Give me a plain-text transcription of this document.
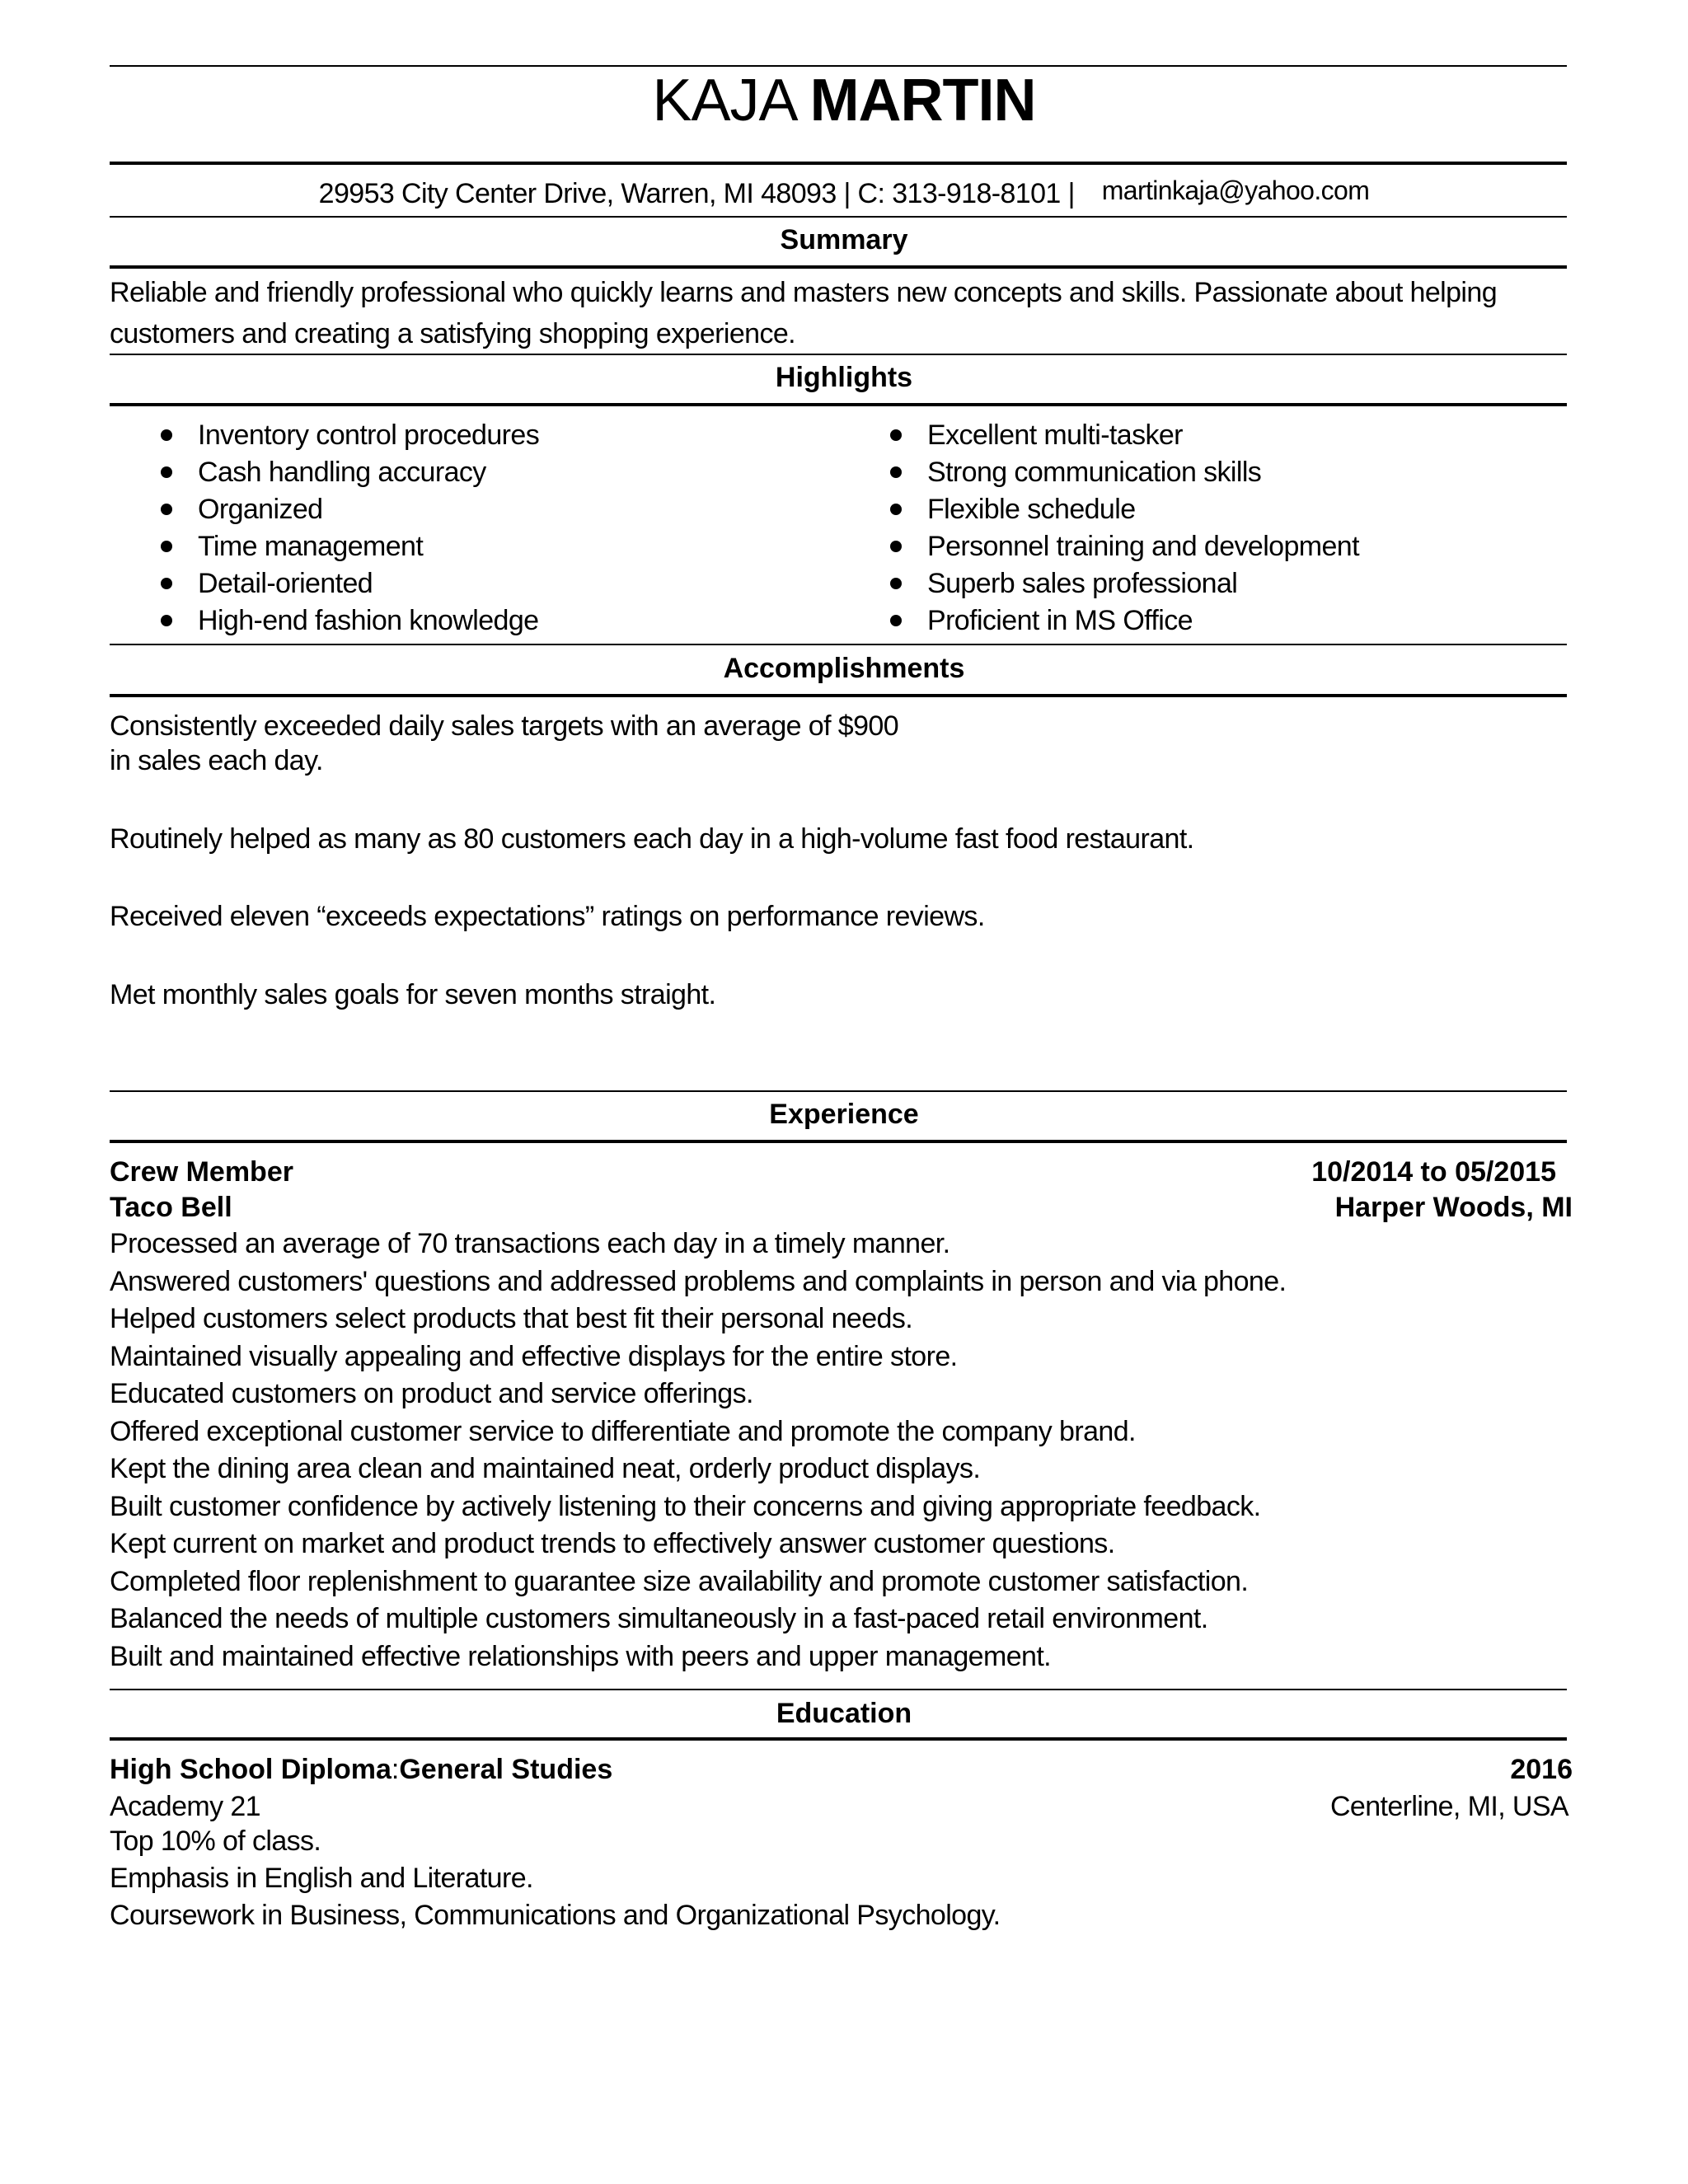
KAJA MARTIN
29953 City Center Drive, Warren, MI 48093 | C: 313-918-8101 | martinkaja@yahoo.com
Summary
Reliable and friendly professional who quickly learns and masters new concepts and skills. Passionate about helping customers and creating a satisfying shopping experience.
Highlights
Inventory control procedures
Cash handling accuracy
Organized
Time management
Detail-oriented
High-end fashion knowledge
Excellent multi-tasker
Strong communication skills
Flexible schedule
Personnel training and development
Superb sales professional
Proficient in MS Office
Accomplishments
Consistently exceeded daily sales targets with an average of $900
in sales each day.
Routinely helped as many as 80 customers each day in a high-volume fast food restaurant.
Received eleven “exceeds expectations” ratings on performance reviews.
Met monthly sales goals for seven months straight.
Experience
Crew Member	10/2014 to 05/2015
Taco Bell	Harper Woods, MI
Processed an average of 70 transactions each day in a timely manner.
Answered customers' questions and addressed problems and complaints in person and via phone.
Helped customers select products that best fit their personal needs.
Maintained visually appealing and effective displays for the entire store.
Educated customers on product and service offerings.
Offered exceptional customer service to differentiate and promote the company brand.
Kept the dining area clean and maintained neat, orderly product displays.
Built customer confidence by actively listening to their concerns and giving appropriate feedback.
Kept current on market and product trends to effectively answer customer questions.
Completed floor replenishment to guarantee size availability and promote customer satisfaction.
Balanced the needs of multiple customers simultaneously in a fast-paced retail environment.
Built and maintained effective relationships with peers and upper management.
Education
High School Diploma:General Studies	2016
Academy 21	Centerline, MI, USA
Top 10% of class.
Emphasis in English and Literature.
Coursework in Business, Communications and Organizational Psychology.
